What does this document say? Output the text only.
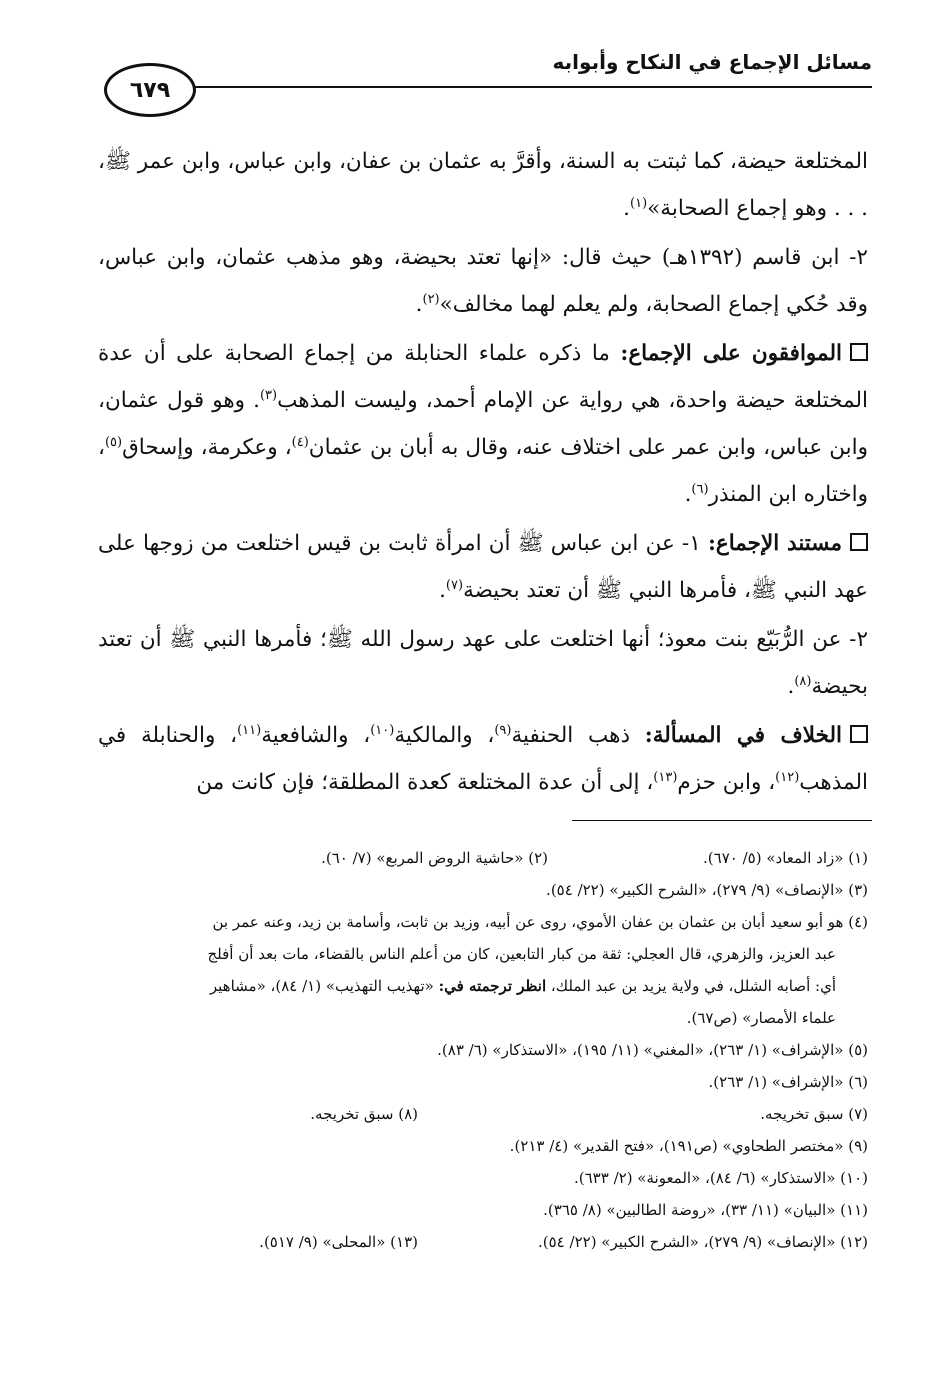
مسائل الإجماع في النكاح وأبوابه
٦٧٩

المختلعة حيضة، كما ثبتت به السنة، وأقرَّ به عثمان بن عفان، وابن عباس، وابن عمر ﷺ، . . . وهو إجماع الصحابة»$^{(١)}$.

٢- ابن قاسم (١٣٩٢هـ) حيث قال: «إنها تعتد بحيضة، وهو مذهب عثمان، وابن عباس، وقد حُكي إجماع الصحابة، ولم يعلم لهما مخالف»$^{(٢)}$.

الموافقون على الإجماع: ما ذكره علماء الحنابلة من إجماع الصحابة على أن عدة المختلعة حيضة واحدة، هي رواية عن الإمام أحمد، وليست المذهب$^{(٣)}$. وهو قول عثمان، وابن عباس، وابن عمر على اختلاف عنه، وقال به أبان بن عثمان$^{(٤)}$، وعكرمة، وإسحاق$^{(٥)}$، واختاره ابن المنذر$^{(٦)}$.

مستند الإجماع: ١- عن ابن عباس ﷺ أن امرأة ثابت بن قيس اختلعت من زوجها على عهد النبي ﷺ، فأمرها النبي ﷺ أن تعتد بحيضة$^{(٧)}$.

٢- عن الرُّبَيّع بنت معوذ؛ أنها اختلعت على عهد رسول الله ﷺ؛ فأمرها النبي ﷺ أن تعتد بحيضة$^{(٨)}$.

الخلاف في المسألة: ذهب الحنفية$^{(٩)}$، والمالكية$^{(١٠)}$، والشافعية$^{(١١)}$، والحنابلة في المذهب$^{(١٢)}$، وابن حزم$^{(١٣)}$، إلى أن عدة المختلعة كعدة المطلقة؛ فإن كانت من

(١) «زاد المعاد» (٥/ ٦٧٠).
(٢) «حاشية الروض المربع» (٧/ ٦٠).
(٣) «الإنصاف» (٩/ ٢٧٩)، «الشرح الكبير» (٢٢/ ٥٤).
(٤) هو أبو سعيد أبان بن عثمان بن عفان الأموي، روى عن أبيه، وزيد بن ثابت، وأسامة بن زيد، وعنه عمر بن
عبد العزيز، والزهري، قال العجلي: ثقة من كبار التابعين، كان من أعلم الناس بالقضاء، مات بعد أن أفلج
أي: أصابه الشلل، في ولاية يزيد بن عبد الملك، انظر ترجمته في: «تهذيب التهذيب» (١/ ٨٤)، «مشاهير
علماء الأمصار» (ص٦٧).
(٥) «الإشراف» (١/ ٢٦٣)، «المغني» (١١/ ١٩٥)، «الاستذكار» (٦/ ٨٣).
(٦) «الإشراف» (١/ ٢٦٣).
(٧) سبق تخريجه.
(٨) سبق تخريجه.
(٩) «مختصر الطحاوي» (ص١٩١)، «فتح القدير» (٤/ ٢١٣).
(١٠) «الاستذكار» (٦/ ٨٤)، «المعونة» (٢/ ٦٣٣).
(١١) «البيان» (١١/ ٣٣)، «روضة الطالبين» (٨/ ٣٦٥).
(١٢) «الإنصاف» (٩/ ٢٧٩)، «الشرح الكبير» (٢٢/ ٥٤).
(١٣) «المحلى» (٩/ ٥١٧).
